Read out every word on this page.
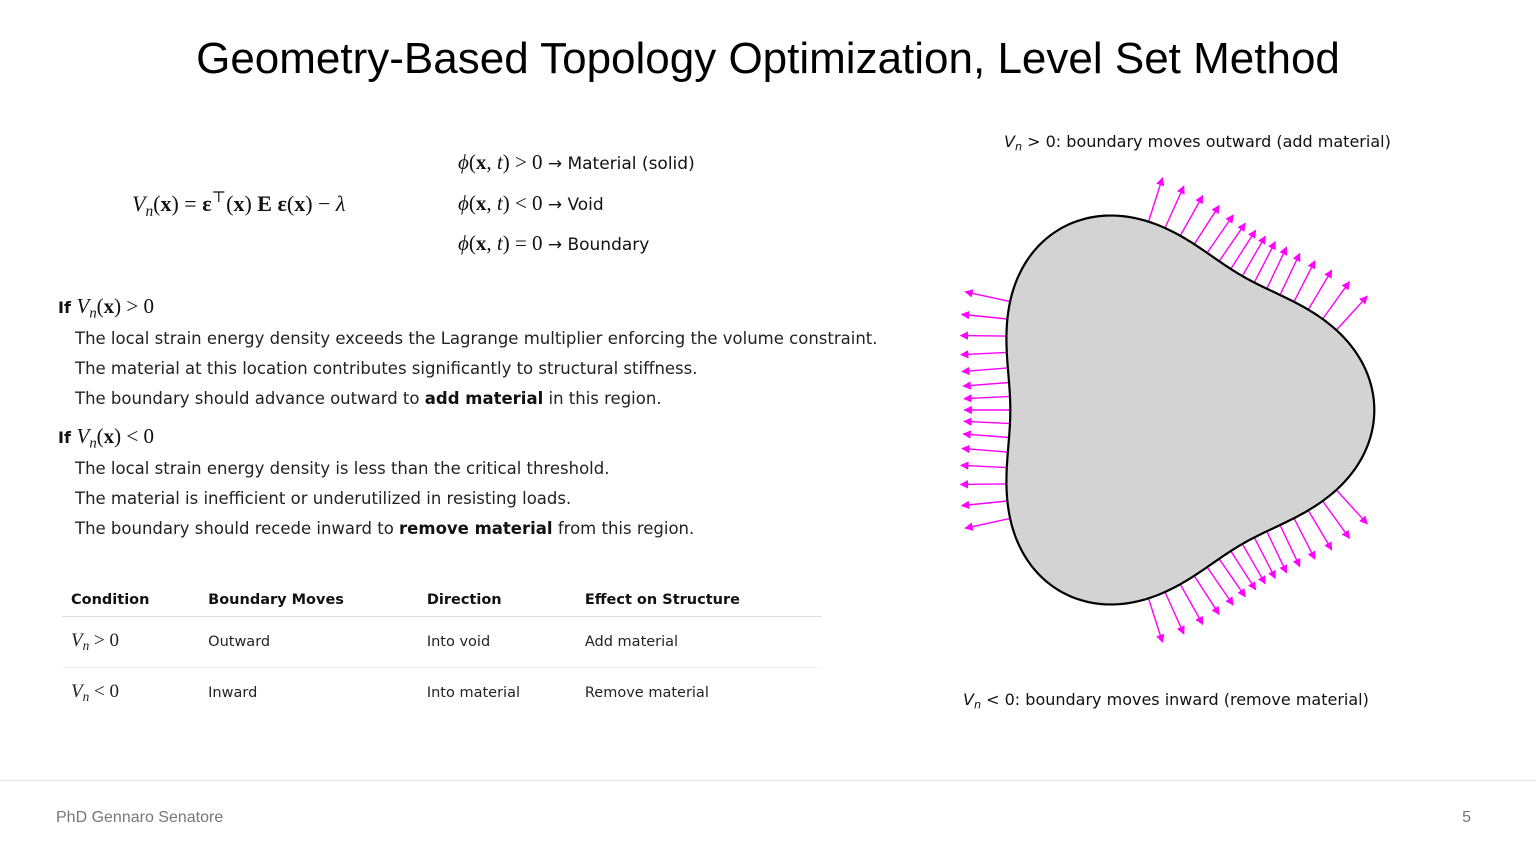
Geometry-Based Topology Optimization, Level Set Method
$V_n(x) = \varepsilon^⊤(x)$ E ε(x) − λ
ϕ(x, t) > 0 → Material (solid)
ϕ(x, t) < 0 → Void
ϕ(x, t) = 0 → Boundary
If $V_n(x) > 0$
The local strain energy density exceeds the Lagrange multiplier enforcing the volume constraint.
The material at this location contributes significantly to structural stiffness.
The boundary should advance outward to add material in this region.
If $V_n(x) < 0$
The local strain energy density is less than the critical threshold.
The material is inefficient or underutilized in resisting loads.
The boundary should recede inward to remove material from this region.
Condition	Boundary Moves	Direction	Effect on Structure
$V_n > 0$	Outward	Into void	Add material
$V_n < 0$	Inward	Into material	Remove material
$V_n > 0$: boundary moves outward (add material)
$V_n < 0$: boundary moves inward (remove material)
PhD Gennaro Senatore	5
